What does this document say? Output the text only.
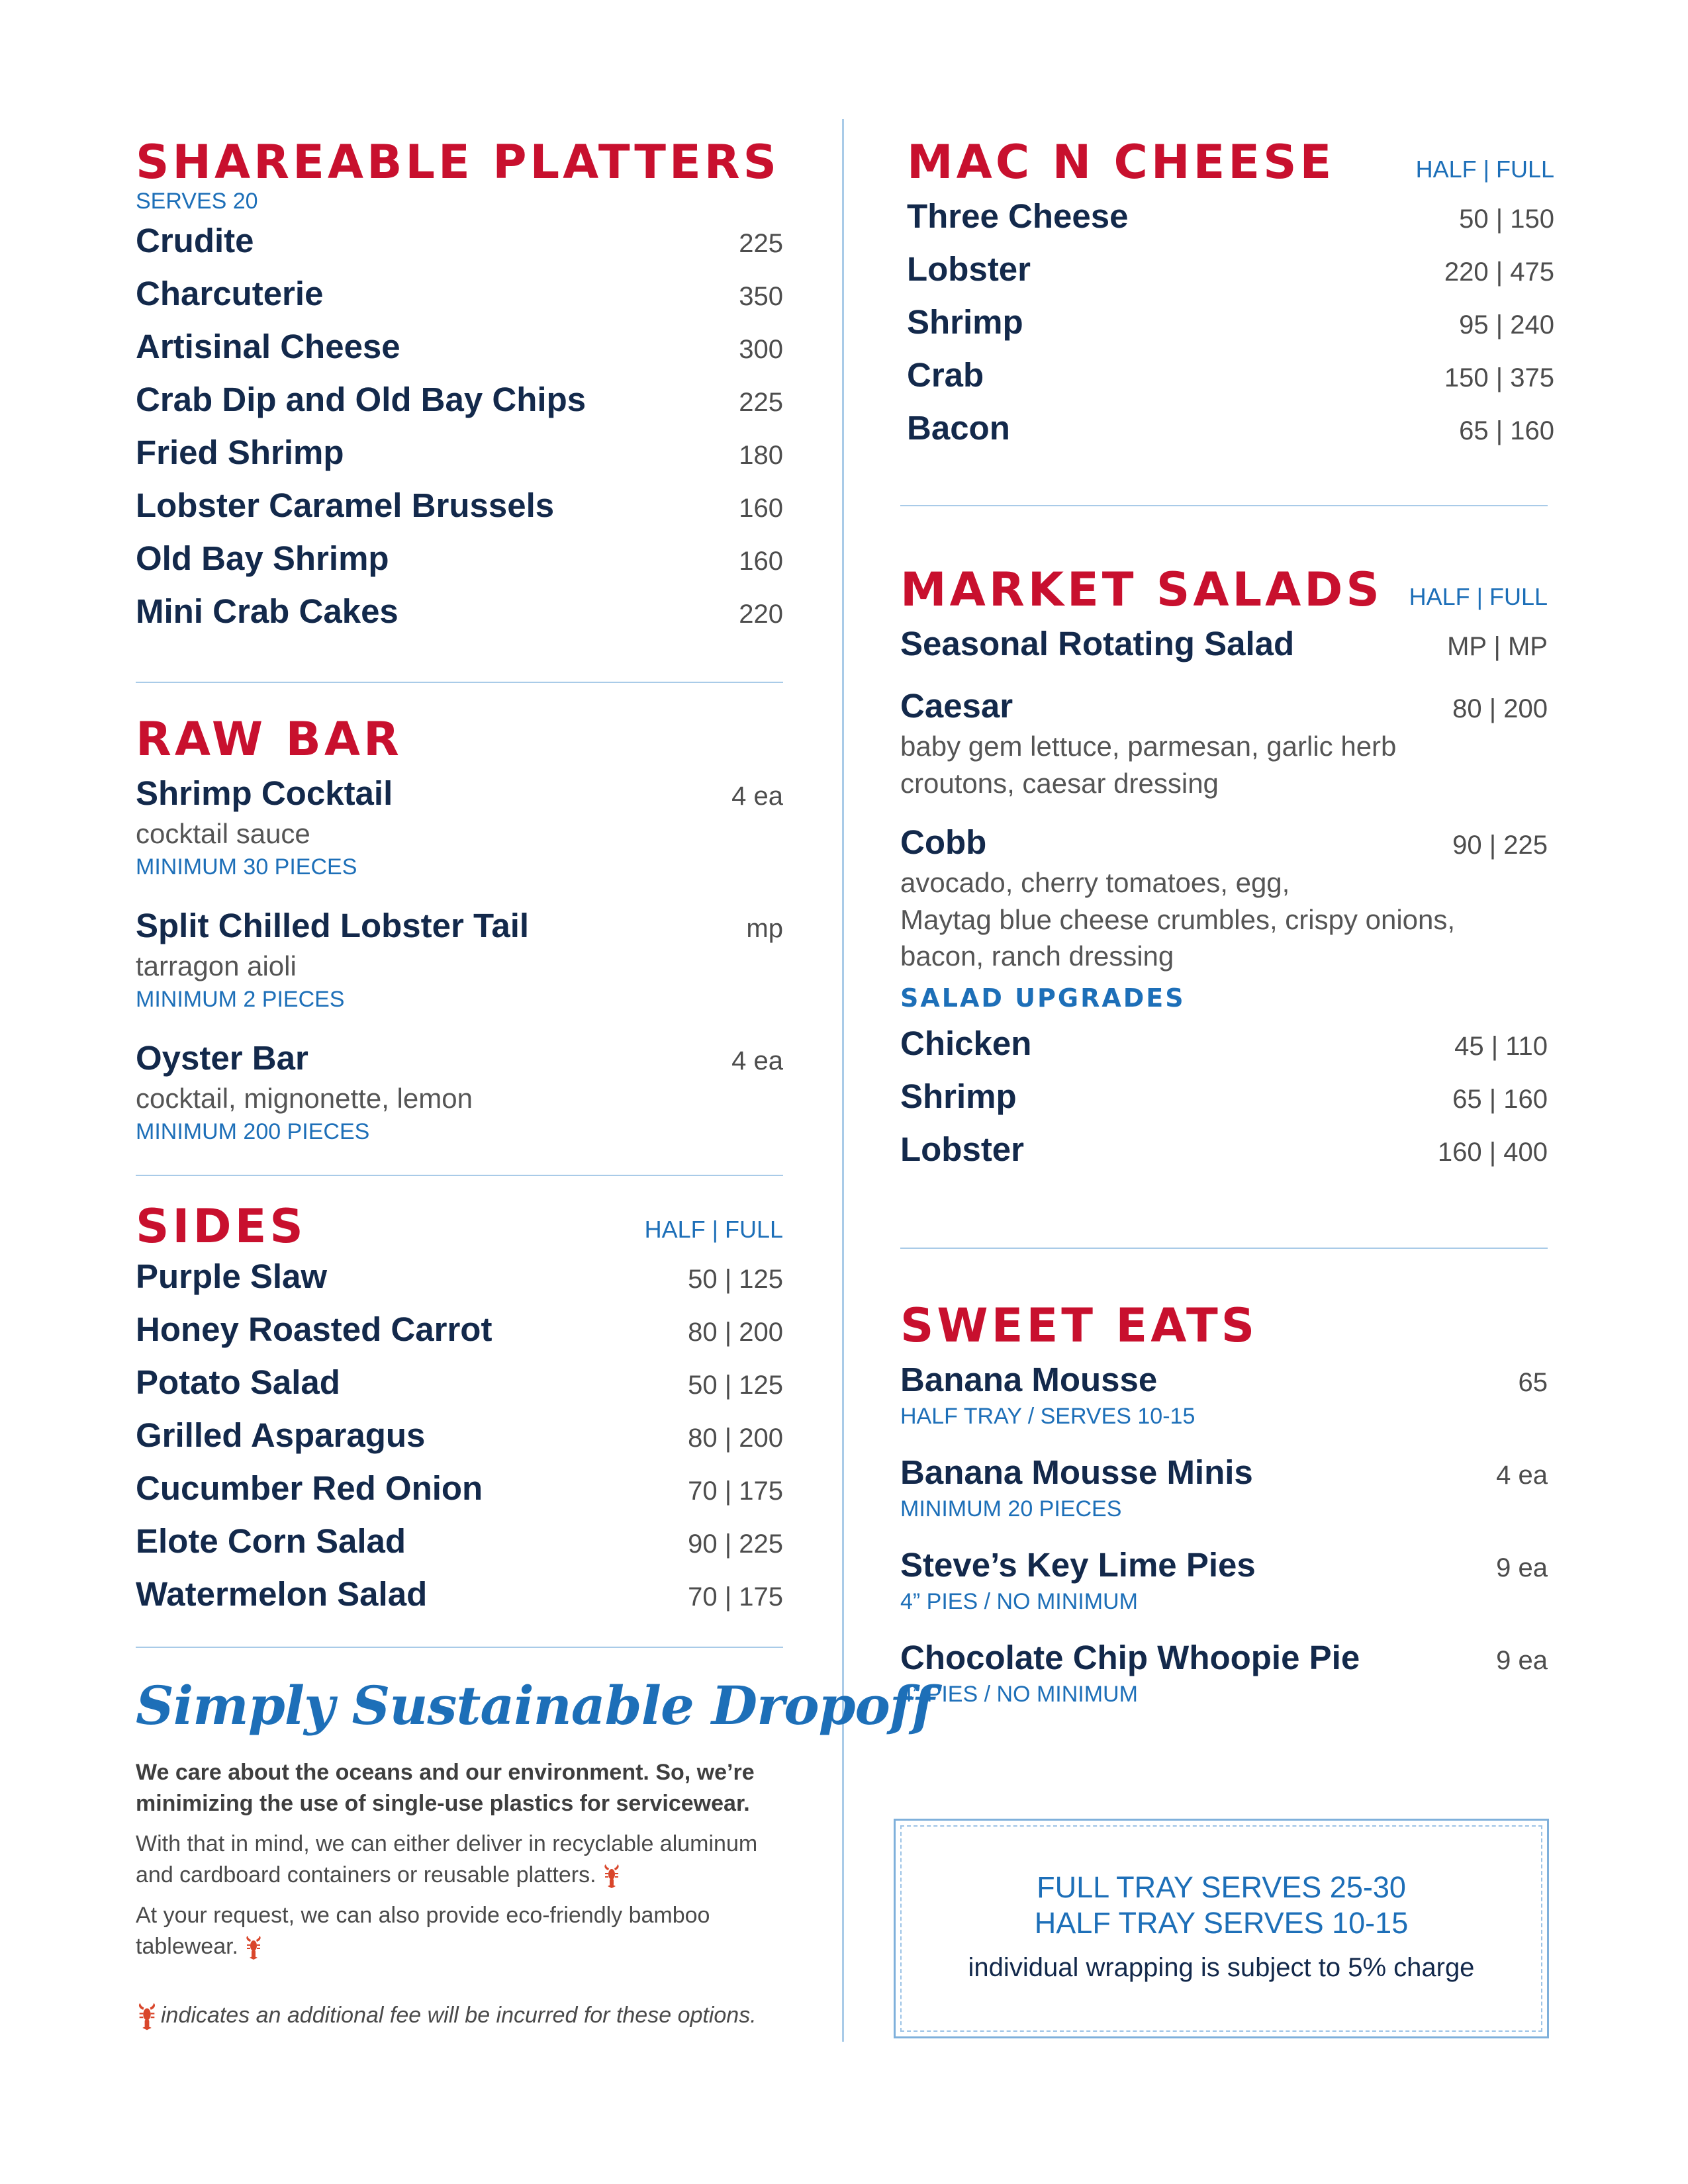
SHAREABLE PLATTERS
SERVES 20
Crudite	225
Charcuterie	350
Artisinal Cheese	300
Crab Dip and Old Bay Chips	225
Fried Shrimp	180
Lobster Caramel Brussels	160
Old Bay Shrimp	160
Mini Crab Cakes	220
RAW BAR
Shrimp Cocktail	4 ea
cocktail sauce
MINIMUM 30 PIECES
Split Chilled Lobster Tail	mp
tarragon aioli
MINIMUM 2 PIECES
Oyster Bar	4 ea
cocktail, mignonette, lemon
MINIMUM 200 PIECES
SIDES	HALF | FULL
Purple Slaw	50 | 125
Honey Roasted Carrot	80 | 200
Potato Salad	50 | 125
Grilled Asparagus	80 | 200
Cucumber Red Onion	70 | 175
Elote Corn Salad	90 | 225
Watermelon Salad	70 | 175
Simply Sustainable Dropoff
We care about the oceans and our environment. So, we’re minimizing the use of single-use plastics for servicewear.
With that in mind, we can either deliver in recyclable aluminum and cardboard containers or reusable platters.
At your request, we can also provide eco-friendly bamboo tablewear.
indicates an additional fee will be incurred for these options.
MAC N CHEESE	HALF | FULL
Three Cheese	50 | 150
Lobster	220 | 475
Shrimp	95 | 240
Crab	150 | 375
Bacon	65 | 160
MARKET SALADS	HALF | FULL
Seasonal Rotating Salad	MP | MP
Caesar	80 | 200
baby gem lettuce, parmesan, garlic herb croutons, caesar dressing
Cobb	90 | 225
avocado, cherry tomatoes, egg,
Maytag blue cheese crumbles, crispy onions,
bacon, ranch dressing
SALAD UPGRADES
Chicken	45 | 110
Shrimp	65 | 160
Lobster	160 | 400
SWEET EATS
Banana Mousse	65
HALF TRAY / SERVES 10-15
Banana Mousse Minis	4 ea
MINIMUM 20 PIECES
Steve’s Key Lime Pies	9 ea
4” PIES / NO MINIMUM
Chocolate Chip Whoopie Pie	9 ea
4” PIES / NO MINIMUM
FULL TRAY SERVES 25-30
HALF TRAY SERVES 10-15
individual wrapping is subject to 5% charge
